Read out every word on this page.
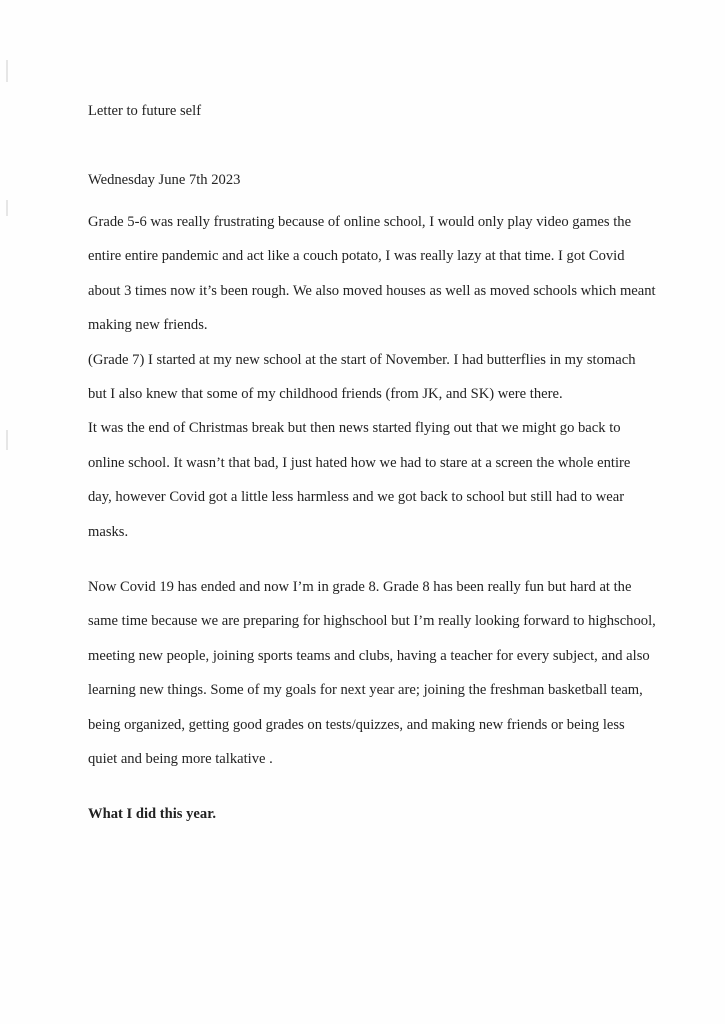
Letter to future self
Wednesday June 7th 2023
Grade 5-6 was really frustrating because of online school, I would only play video games the
entire entire pandemic and act like a couch potato, I was really lazy at that time. I got Covid
about 3 times now it’s been rough. We also moved houses as well as moved schools which meant
making new friends.
(Grade 7) I started at my new school at the start of November. I had butterflies in my stomach
but I also knew that some of my childhood friends (from JK, and SK) were there.
It was the end of Christmas break but then news started flying out that we might go back to
online school. It wasn’t that bad, I just hated how we had to stare at a screen the whole entire
day, however Covid got a little less harmless and we got back to school but still had to wear
masks.
Now Covid 19 has ended and now I’m in grade 8. Grade 8 has been really fun but hard at the
same time because we are preparing for highschool but I’m really looking forward to highschool,
meeting new people, joining sports teams and clubs, having a teacher for every subject, and also
learning new things. Some of my goals for next year are; joining the freshman basketball team,
being organized, getting good grades on tests/quizzes, and making new friends or being less
quiet and being more talkative .
What I did this year.
